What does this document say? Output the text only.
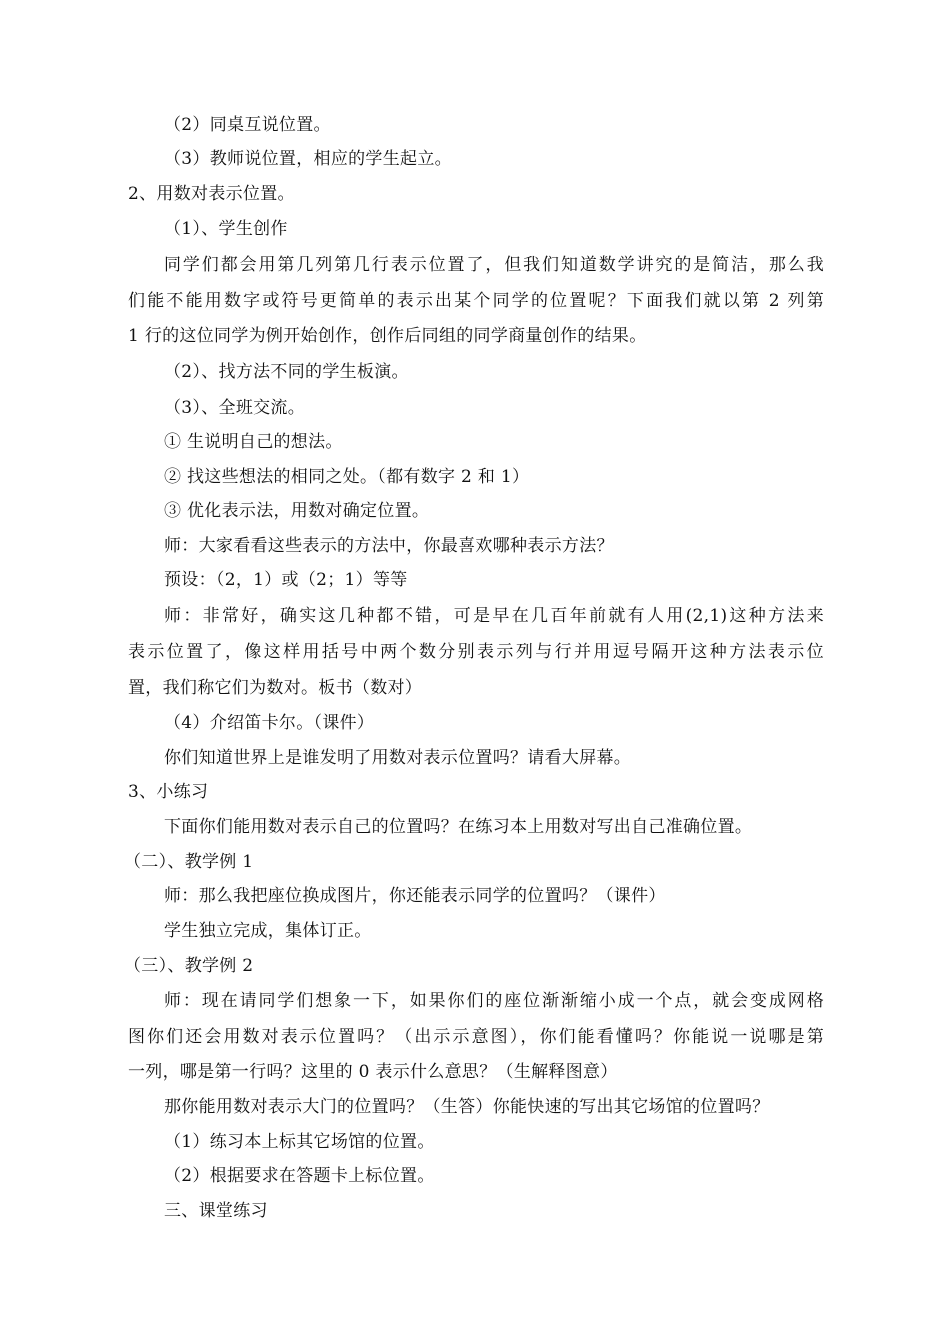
（2）同桌互说位置。
（3）教师说位置，相应的学生起立。
2、用数对表示位置。
（1）、学生创作
同学们都会用第几列第几行表示位置了，但我们知道数学讲究的是简洁，那么我
们能不能用数字或符号更简单的表示出某个同学的位置呢？下面我们就以第 2 列第
1 行的这位同学为例开始创作，创作后同组的同学商量创作的结果。
（2）、找方法不同的学生板演。
（3）、全班交流。
① 生说明自己的想法。
② 找这些想法的相同之处。（都有数字 2 和 1）
③ 优化表示法，用数对确定位置。
师：大家看看这些表示的方法中，你最喜欢哪种表示方法？
预设：（2，1）或（2；1）等等
师：非常好，确实这几种都不错，可是早在几百年前就有人用(2,1)这种方法来
表示位置了，像这样用括号中两个数分别表示列与行并用逗号隔开这种方法表示位
置，我们称它们为数对。板书（数对）
（4）介绍笛卡尔。（课件）
你们知道世界上是谁发明了用数对表示位置吗？请看大屏幕。
3、小练习
下面你们能用数对表示自己的位置吗？在练习本上用数对写出自己准确位置。
（二）、教学例 1
师：那么我把座位换成图片，你还能表示同学的位置吗？（课件）
学生独立完成，集体订正。
（三）、教学例 2
师：现在请同学们想象一下，如果你们的座位渐渐缩小成一个点，就会变成网格
图你们还会用数对表示位置吗？（出示示意图），你们能看懂吗？你能说一说哪是第
一列，哪是第一行吗？这里的 0 表示什么意思？（生解释图意）
那你能用数对表示大门的位置吗？（生答）你能快速的写出其它场馆的位置吗？
（1）练习本上标其它场馆的位置。
（2）根据要求在答题卡上标位置。
三、课堂练习
